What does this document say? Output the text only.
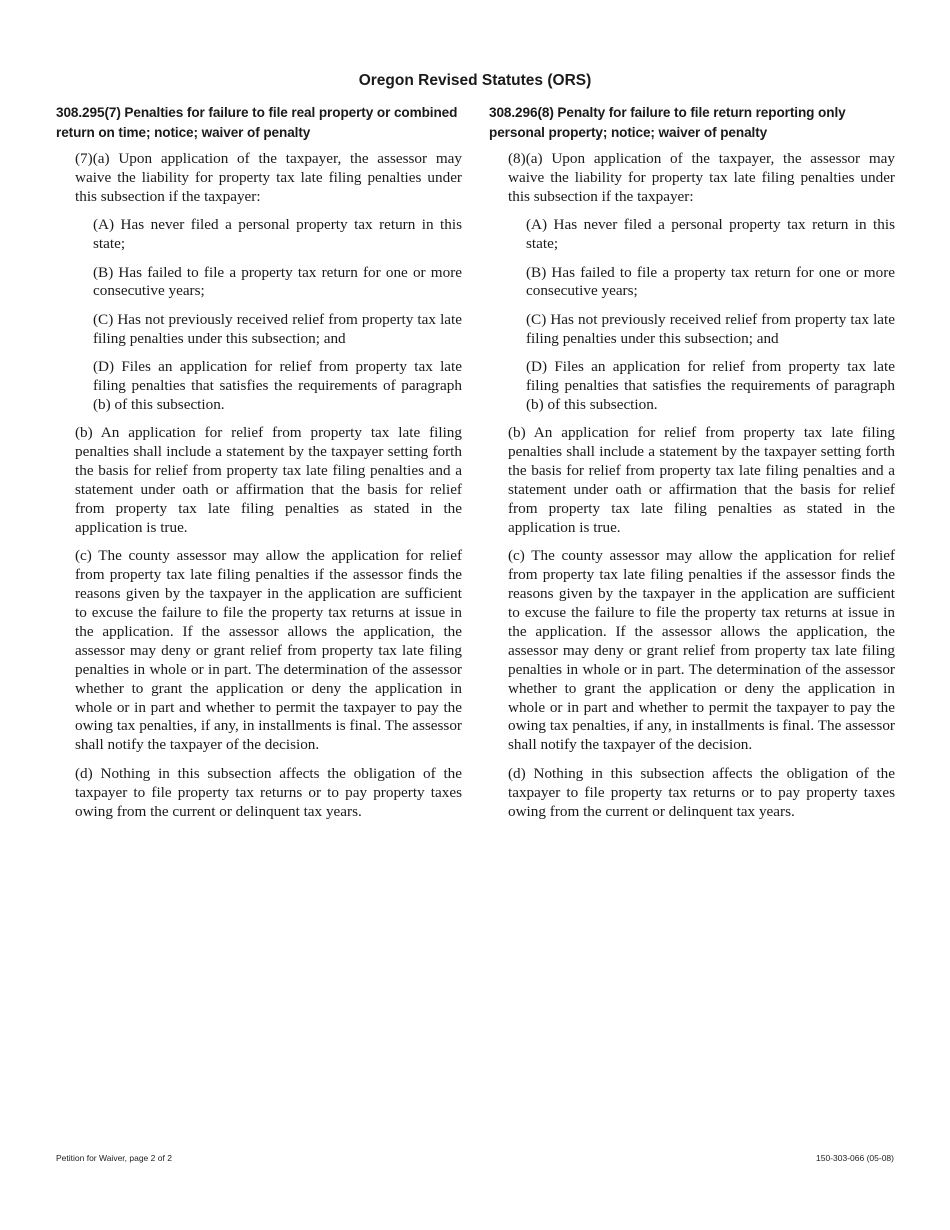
Oregon Revised Statutes (ORS)
308.295(7) Penalties for failure to file real property or combined return on time; notice; waiver of penalty

(7)(a) Upon application of the taxpayer, the assessor may waive the liability for property tax late filing penalties under this subsection if the taxpayer:

(A) Has never filed a personal property tax return in this state;

(B) Has failed to file a property tax return for one or more consecutive years;

(C) Has not previously received relief from property tax late filing penalties under this subsection; and

(D) Files an application for relief from property tax late filing penalties that satisfies the requirements of paragraph (b) of this subsection.

(b) An application for relief from property tax late filing penalties shall include a statement by the taxpayer setting forth the basis for relief from property tax late filing penalties and a statement under oath or affirmation that the basis for relief from property tax late filing penalties as stated in the application is true.

(c) The county assessor may allow the application for relief from property tax late filing penalties if the assessor finds the reasons given by the taxpayer in the application are sufficient to excuse the failure to file the property tax returns at issue in the application. If the assessor allows the application, the assessor may deny or grant relief from property tax late filing penalties in whole or in part. The determination of the assessor whether to grant the application or deny the application in whole or in part and whether to permit the taxpayer to pay the owing tax penalties, if any, in installments is final. The assessor shall notify the taxpayer of the decision.

(d) Nothing in this subsection affects the obligation of the taxpayer to file property tax returns or to pay property taxes owing from the current or delinquent tax years.

308.296(8) Penalty for failure to file return reporting only personal property; notice; waiver of penalty

(8)(a) Upon application of the taxpayer, the assessor may waive the liability for property tax late filing penalties under this subsection if the taxpayer:

(A) Has never filed a personal property tax return in this state;

(B) Has failed to file a property tax return for one or more consecutive years;

(C) Has not previously received relief from property tax late filing penalties under this subsection; and

(D) Files an application for relief from property tax late filing penalties that satisfies the requirements of paragraph (b) of this subsection.

(b) An application for relief from property tax late filing penalties shall include a statement by the taxpayer setting forth the basis for relief from property tax late filing penalties and a statement under oath or affirmation that the basis for relief from property tax late filing penalties as stated in the application is true.

(c) The county assessor may allow the application for relief from property tax late filing penalties if the assessor finds the reasons given by the taxpayer in the application are sufficient to excuse the failure to file the property tax returns at issue in the application. If the assessor allows the application, the assessor may deny or grant relief from property tax late filing penalties in whole or in part. The determination of the assessor whether to grant the application or deny the application in whole or in part and whether to permit the taxpayer to pay the owing tax penalties, if any, in installments is final. The assessor shall notify the taxpayer of the decision.

(d) Nothing in this subsection affects the obligation of the taxpayer to file property tax returns or to pay property taxes owing from the current or delinquent tax years.

Petition for Waiver, page 2 of 2	150-303-066 (05-08)
